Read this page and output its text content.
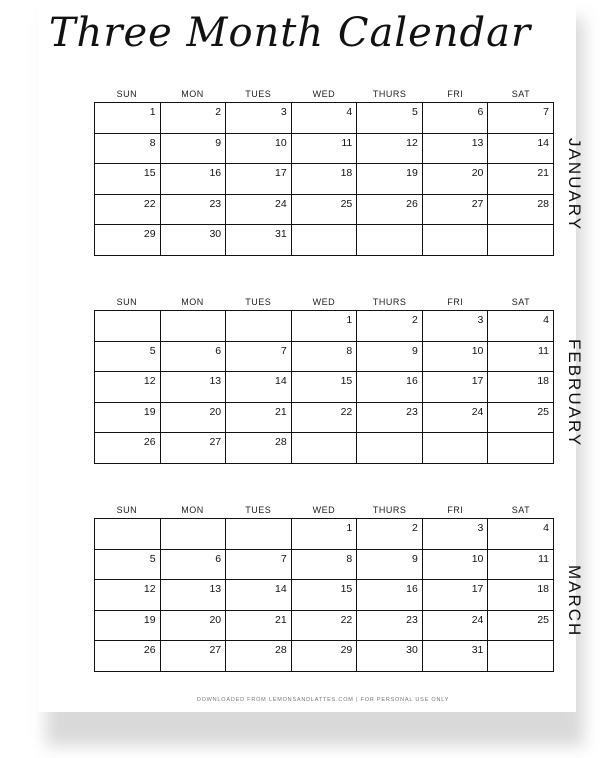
Three Month Calendar
SUN	MON	TUES	WED	THURS	FRI	SAT
1	2	3	4	5	6	7
8	9	10	11	12	13	14
15	16	17	18	19	20	21
22	23	24	25	26	27	28
29	30	31				
JANUARY
SUN	MON	TUES	WED	THURS	FRI	SAT
			1	2	3	4
5	6	7	8	9	10	11
12	13	14	15	16	17	18
19	20	21	22	23	24	25
26	27	28					FEBRUARY
SUN	MON	TUES	WED	THURS	FRI	SAT
			1	2	3	4
5	6	7	8	9	10	11
12	13	14	15	16	17	18
19	20	21	22	23	24	25
26	27	28	29	30	31	
MARCH
DOWNLOADED FROM LEMONSANDLATTES.COM | FOR PERSONAL USE ONLY
